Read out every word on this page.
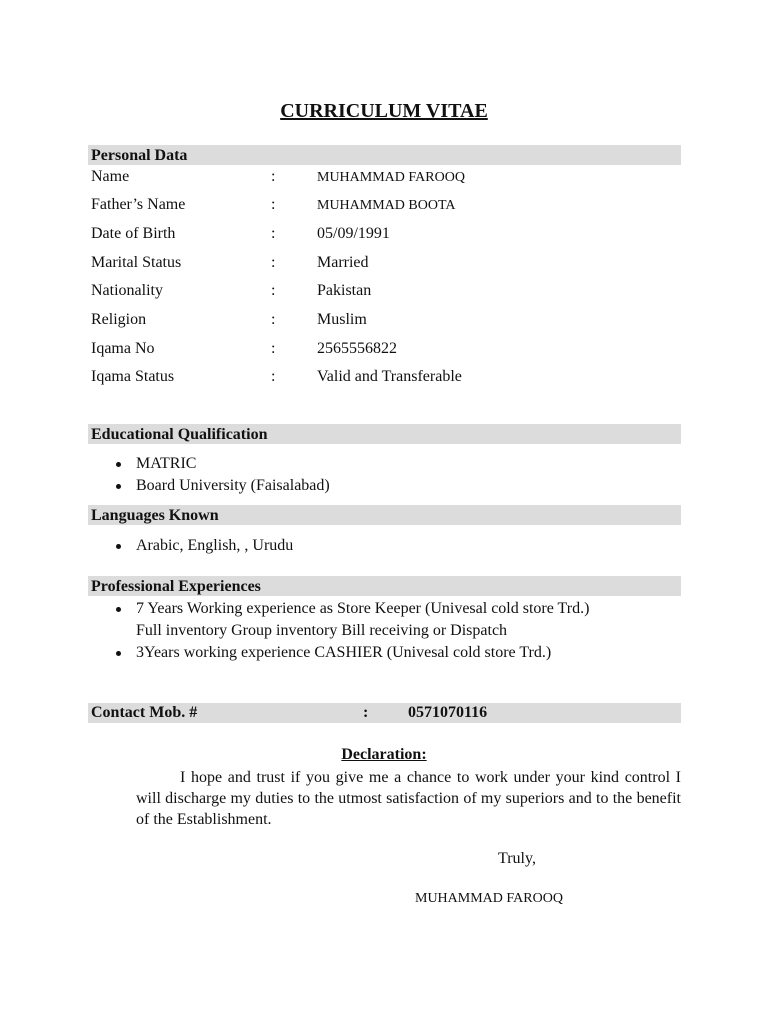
CURRICULUM VITAE
Personal Data
Name	:	MUHAMMAD FAROOQ
Father’s Name	:	MUHAMMAD BOOTA
Date of Birth	:	05/09/1991
Marital Status	:	Married
Nationality	:	Pakistan
Religion	:	Muslim
Iqama No	:	2565556822
Iqama Status	:	Valid and Transferable
Educational Qualification
MATRIC
Board University (Faisalabad)
Languages Known
Arabic, English, , Urudu
Professional Experiences
7 Years Working experience as Store Keeper (Univesal cold store Trd.)
Full inventory Group inventory Bill receiving or Dispatch
3Years working experience CASHIER (Univesal cold store Trd.)
Contact Mob. #	: 0571070116
Declaration:
I hope and trust if you give me a chance to work under your kind control I will discharge my duties to the utmost satisfaction of my superiors and to the benefit of the Establishment.
Truly,
MUHAMMAD FAROOQ
